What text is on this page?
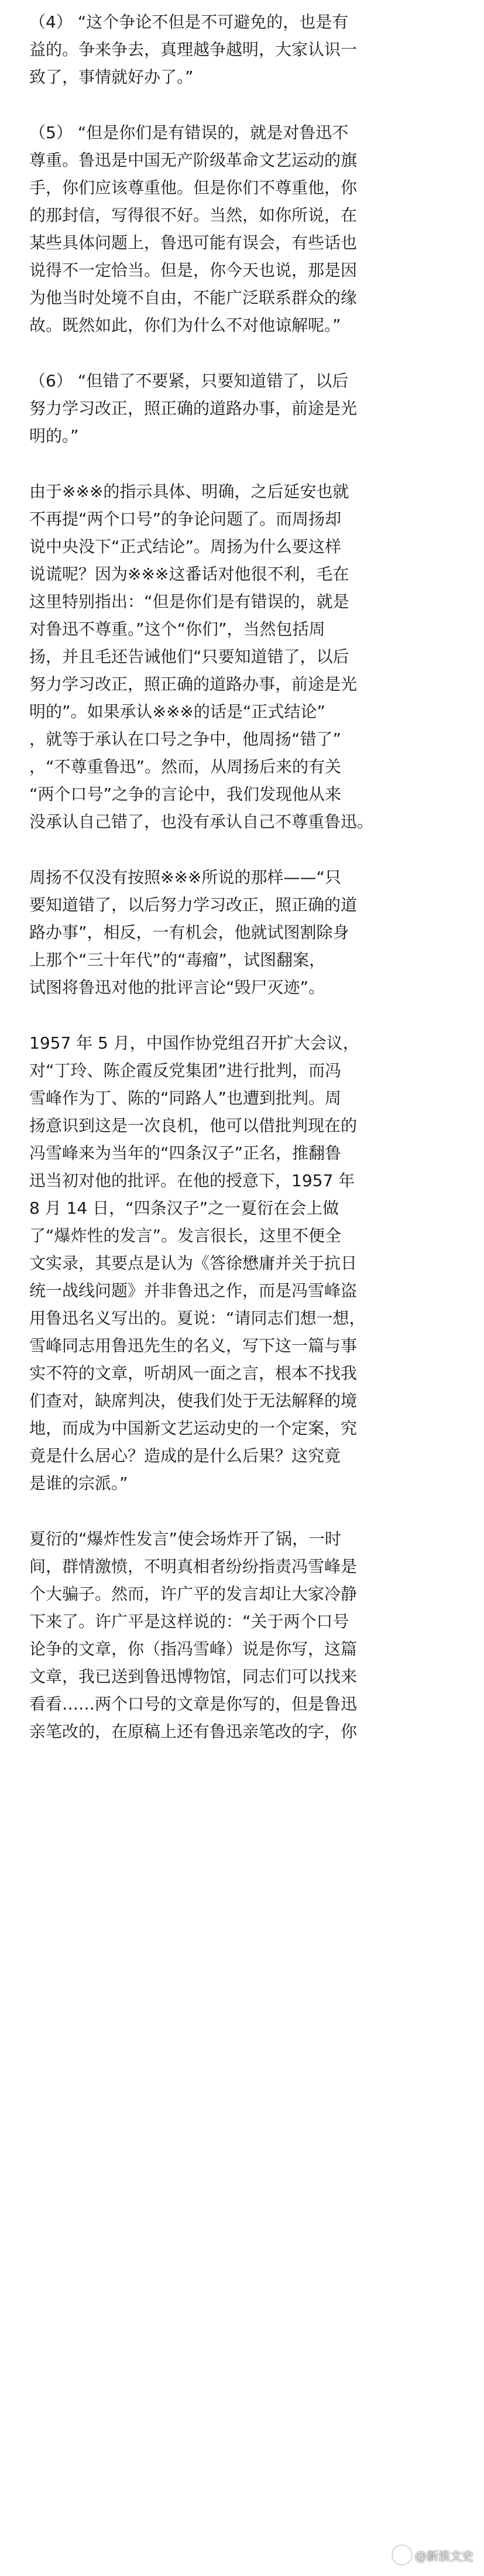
（4） “这个争论不但是不可避免的，也是有
益的。争来争去，真理越争越明，大家认识一
致了，事情就好办了。”

（5） “但是你们是有错误的，就是对鲁迅不
尊重。鲁迅是中国无产阶级革命文艺运动的旗
手，你们应该尊重他。但是你们不尊重他，你
的那封信，写得很不好。当然，如你所说，在
某些具体问题上，鲁迅可能有误会，有些话也
说得不一定恰当。但是，你今天也说，那是因
为他当时处境不自由，不能广泛联系群众的缘
故。既然如此，你们为什么不对他谅解呢。”

（6） “但错了不要紧，只要知道错了，以后
努力学习改正，照正确的道路办事，前途是光
明的。”

由于※※※的指示具体、明确，之后延安也就
不再提“两个口号”的争论问题了。而周扬却
说中央没下“正式结论”。周扬为什么要这样
说谎呢？因为※※※这番话对他很不利，毛在
这里特别指出：“但是你们是有错误的，就是
对鲁迅不尊重。”这个“你们”，当然包括周
扬，并且毛还告诫他们“只要知道错了，以后
努力学习改正，照正确的道路办事，前途是光
明的”。如果承认※※※的话是“正式结论”
，就等于承认在口号之争中，他周扬“错了”
，“不尊重鲁迅”。然而，从周扬后来的有关
“两个口号”之争的言论中，我们发现他从来
没承认自己错了，也没有承认自己不尊重鲁迅。

周扬不仅没有按照※※※所说的那样——“只
要知道错了，以后努力学习改正，照正确的道
路办事”，相反，一有机会，他就试图割除身
上那个“三十年代”的“毒瘤”，试图翻案，
试图将鲁迅对他的批评言论“毁尸灭迹”。

1957 年 5 月，中国作协党组召开扩大会议，
对“丁玲、陈企霞反党集团”进行批判，而冯
雪峰作为丁、陈的“同路人”也遭到批判。周
扬意识到这是一次良机，他可以借批判现在的
冯雪峰来为当年的“四条汉子”正名，推翻鲁
迅当初对他的批评。在他的授意下，1957 年
8 月 14 日，“四条汉子”之一夏衍在会上做
了“爆炸性的发言”。发言很长，这里不便全
文实录，其要点是认为《答徐懋庸并关于抗日
统一战线问题》并非鲁迅之作，而是冯雪峰盗
用鲁迅名义写出的。夏说：“请同志们想一想，
雪峰同志用鲁迅先生的名义，写下这一篇与事
实不符的文章，听胡风一面之言，根本不找我
们查对，缺席判决，使我们处于无法解释的境
地，而成为中国新文艺运动史的一个定案，究
竟是什么居心？造成的是什么后果？这究竟
是谁的宗派。”

夏衍的“爆炸性发言”使会场炸开了锅，一时
间，群情激愤，不明真相者纷纷指责冯雪峰是
个大骗子。然而，许广平的发言却让大家冷静
下来了。许广平是这样说的：“关于两个口号
论争的文章，你（指冯雪峰）说是你写，这篇
文章，我已送到鲁迅博物馆，同志们可以找来
看看……两个口号的文章是你写的，但是鲁迅
亲笔改的，在原稿上还有鲁迅亲笔改的字，你

@新浪文史
